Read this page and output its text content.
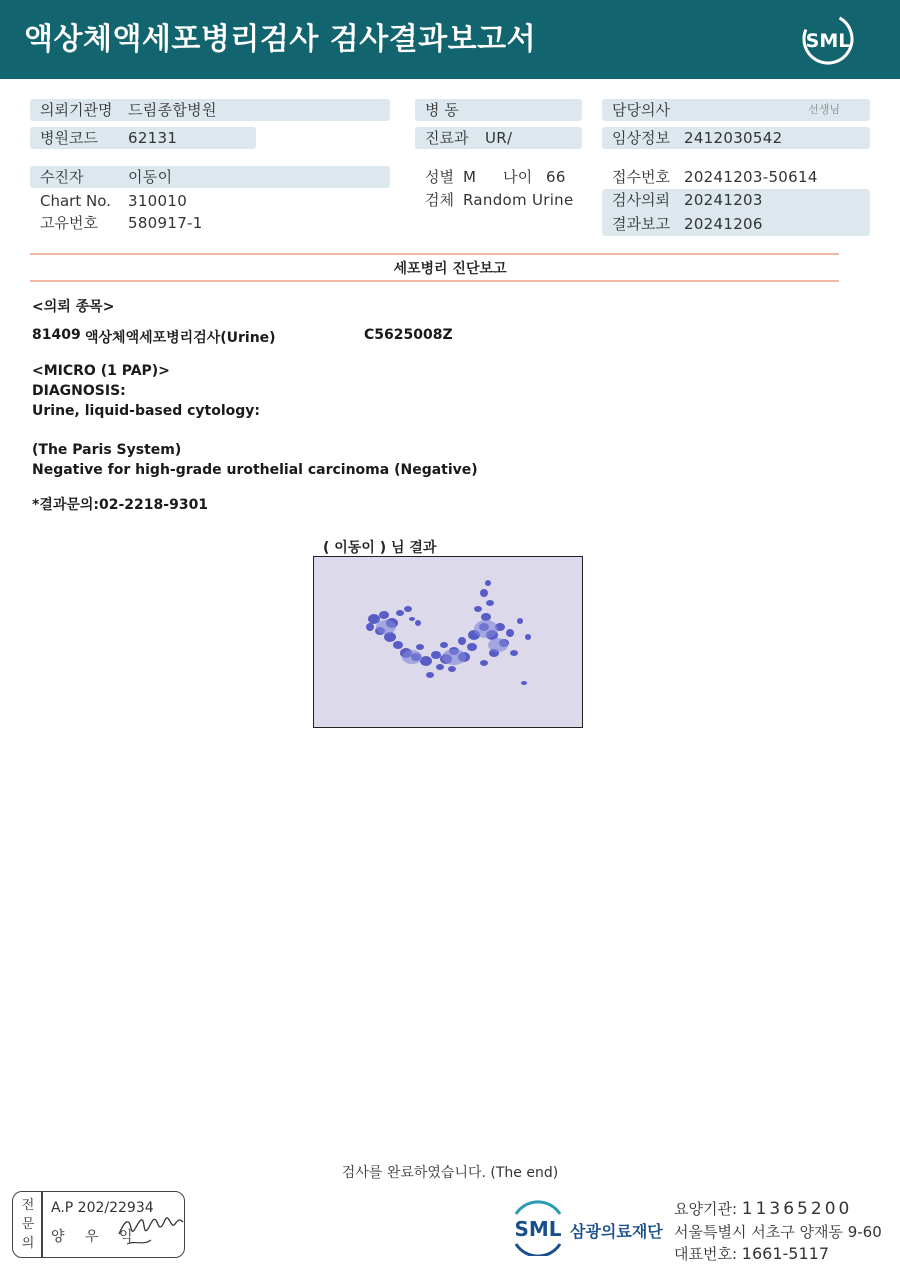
액상체액세포병리검사 검사결과보고서	SML
의뢰기관명 드림종합병원
병원코드 62131
병 동
진료과 UR/
담당의사	선생님
임상정보 2412030542
수진자	이동이
Chart No. 310010
고유번호 580917-1
성별 M 나이 66
검체 Random Urine
접수번호 20241203-50614
검사의뢰 20241203
결과보고 20241206
세포병리 진단보고
<의뢰 종목>
81409 액상체액세포병리검사(Urine)	C5625008Z
<MICRO (1 PAP)>
DIAGNOSIS:
Urine, liquid-based cytology:
(The Paris System)
Negative for high-grade urothelial carcinoma (Negative)
*결과문의:02-2218-9301
( 이동이 ) 님 결과
검사를 완료하였습니다. (The end)
전
문
의
A.P 202/22934
양 우 익	SML 삼광의료재단
요양기관: 11365200
서울특별시 서초구 양재동 9-60
대표번호: 1661-5117
